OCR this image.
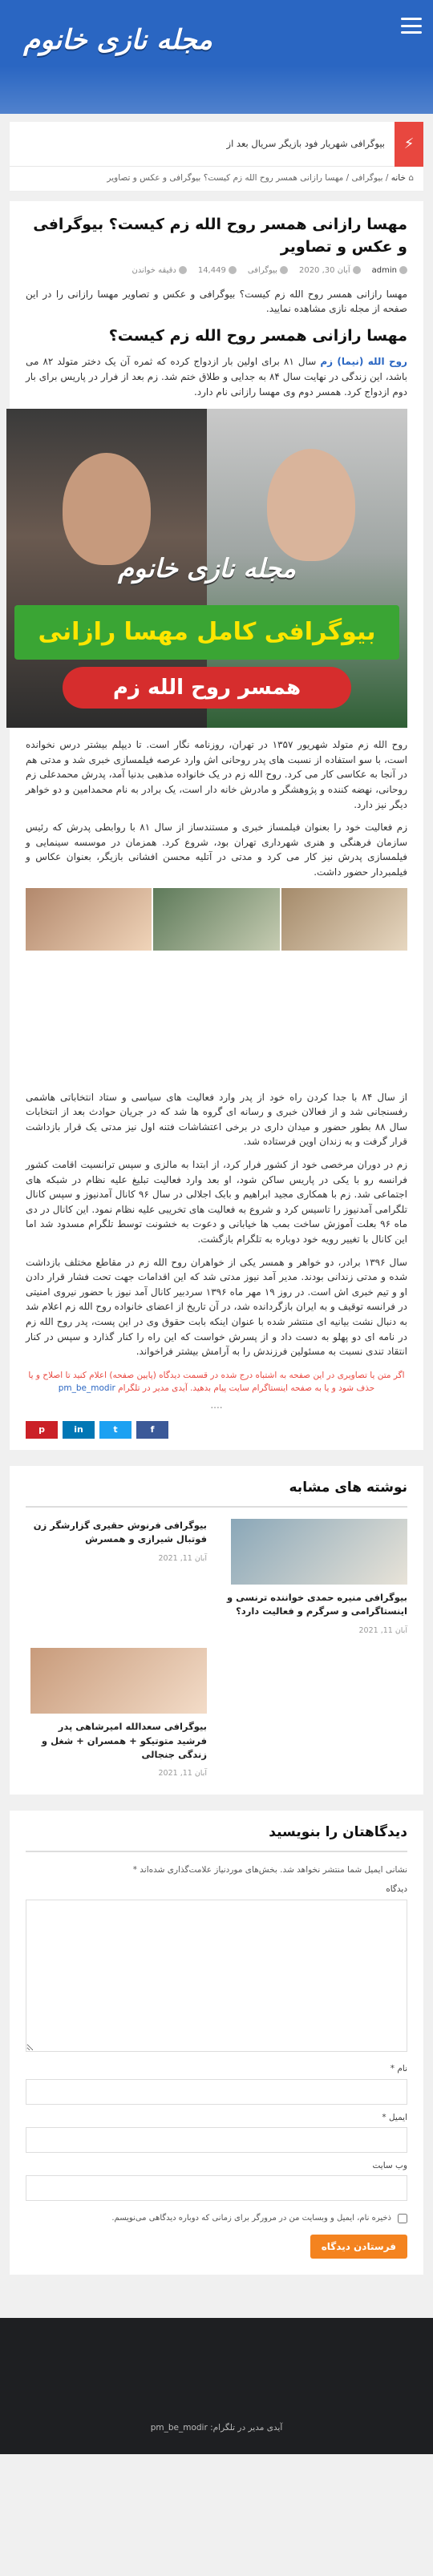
مجله نازی خانوم
⚡
بیوگرافی شهریار فود بازیگر سریال بعد از
⌂ خانه / بیوگرافی / مهسا رازانی همسر روح الله زم کیست؟ بیوگرافی و عکس و تصاویر
مهسا رازانی همسر روح الله زم کیست؟ بیوگرافی و عکس و تصاویر
admin
آبان 30, 2020
بیوگرافی
14,449
دقیقه خواندن

مهسا رازانی همسر روح الله زم کیست؟ بیوگرافی و عکس و تصاویر مهسا رازانی را در این صفحه از مجله نازی مشاهده نمایید.

مهسا رازانی همسر روح الله زم کیست؟

روح الله (نیما) زم سال ۸۱ برای اولین بار ازدواج کرده که ثمره آن یک دختر متولد ۸۲ می باشد، این زندگی در نهایت سال ۸۴ به جدایی و طلاق ختم شد. زم بعد از فرار در پاریس برای بار دوم ازدواج کرد. همسر دوم وی مهسا رازانی نام دارد.

مجله نازی خانوم
بیوگرافی کامل مهسا رازانی
همسر روح الله زم

روح الله زم متولد شهریور ۱۳۵۷ در تهران، روزنامه نگار است. تا دیپلم بیشتر درس نخوانده است، با سو استفاده از نسبت های پدر روحانی اش وارد عرصه فیلمسازی خبری شد و مدتی هم در آنجا به عکاسی کار می کرد. روح الله زم در یک خانواده مذهبی بدنیا آمد، پدرش محمدعلی زم روحانی، نهضه کننده و پژوهشگر و مادرش خانه دار است، یک برادر به نام محمدامین و دو خواهر دیگر نیز دارد.

زم فعالیت خود را بعنوان فیلمساز خبری و مستندساز از سال ۸۱ با روابطی پدرش که رئیس سازمان فرهنگی و هنری شهرداری تهران بود، شروع کرد. همزمان در موسسه سینمایی و فیلمسازی پدرش نیز کار می کرد و مدتی در آتلیه محسن افشانی بازیگر، بعنوان عکاس و فیلمبردار حضور داشت.

از سال ۸۴ با جدا کردن راه خود از پدر وارد فعالیت های سیاسی و ستاد انتخاباتی هاشمی رفسنجانی شد و از فعالان خبری و رسانه ای گروه ها شد که در جریان حوادث بعد از انتخابات سال ۸۸ بطور حضور و میدان داری در برخی اعتشاشات فتنه اول نیز مدتی یک قرار بازداشت قرار گرفت و به زندان اوین فرستاده شد.

زم در دوران مرخصی خود از کشور فرار کرد، از ابتدا به مالزی و سپس ترانسیت اقامت کشور فرانسه رو با یکی در پاریس ساکن شود، او بعد وارد فعالیت تبلیغ علیه نظام در شبکه های اجتماعی شد. زم با همکاری مجید ابراهیم و بابک اجلالی در سال ۹۶ کانال آمدنیوز و سپس کانال تلگرامی آمدنیوز را تاسیس کرد و شروع به فعالیت های تخریبی علیه نظام نمود. این کانال در دی ماه ۹۶ بعلت آموزش ساخت بمب ها خیابانی و دعوت به خشونت توسط تلگرام مسدود شد اما این کانال با تغییر رویه خود دوباره به تلگرام بازگشت.

سال ۱۳۹۶ برادر، دو خواهر و همسر یکی از خواهران روح الله زم در مقاطع مختلف بازداشت شده و مدتی زندانی بودند. مدیر آمد نیوز مدتی شد که این اقدامات جهت تحت فشار قرار دادن او و تیم خبری اش است. در روز ۱۹ مهر ماه ۱۳۹۶ سردبیر کانال آمد نیوز با حضور نیروی امنیتی در فرانسه توقیف و به ایران بازگردانده شد، در آن تاریخ از اعضای خانواده روح الله زم اعلام شد به دنبال نشت بیانیه ای منتشر شده با عنوان اینکه بابت حقوق وی در این پست، پدر روح الله زم در نامه ای دو پهلو به دست داد و از پسرش خواست که این راه را کنار گذارد و سپس در کنار انتقاد تندی نسبت به مسئولین فرزندش را به آرامش بیشتر فراخواند.

اگر متن یا تصاویری در این صفحه به اشتباه درج شده در قسمت دیدگاه (پایین صفحه) اعلام کنید تا اصلاح و یا حذف شود و یا به صفحه اینستاگرام سایت پیام بدهید. آیدی مدیر در تلگرام pm_be_modir
....
p	in	t	f
نوشته های مشابه
بیوگرافی منیره حمدی خواننده ترنسی و اینستاگرامی و سرگرم و فعالیت دارد؟
آبان 11, 2021
بیوگرافی فرنوش حقیری گزارشگر زن فوتبال شیرازی و همسرش
آبان 11, 2021
بیوگرافی سعدالله امیرشاهی پدر فرشید متوتیکو + همسران + شغل و زندگی جنجالی
آبان 11, 2021
دیدگاهتان را بنویسید

نشانی ایمیل شما منتشر نخواهد شد. بخش‌های موردنیاز علامت‌گذاری شده‌اند *

دیدگاه
نام *
ایمیل *
وب‌ سایت
ذخیره نام، ایمیل و وبسایت من در مرورگر برای زمانی که دوباره دیدگاهی می‌نویسم.
فرستادن دیدگاه
آیدی مدیر در تلگرام: pm_be_modir
